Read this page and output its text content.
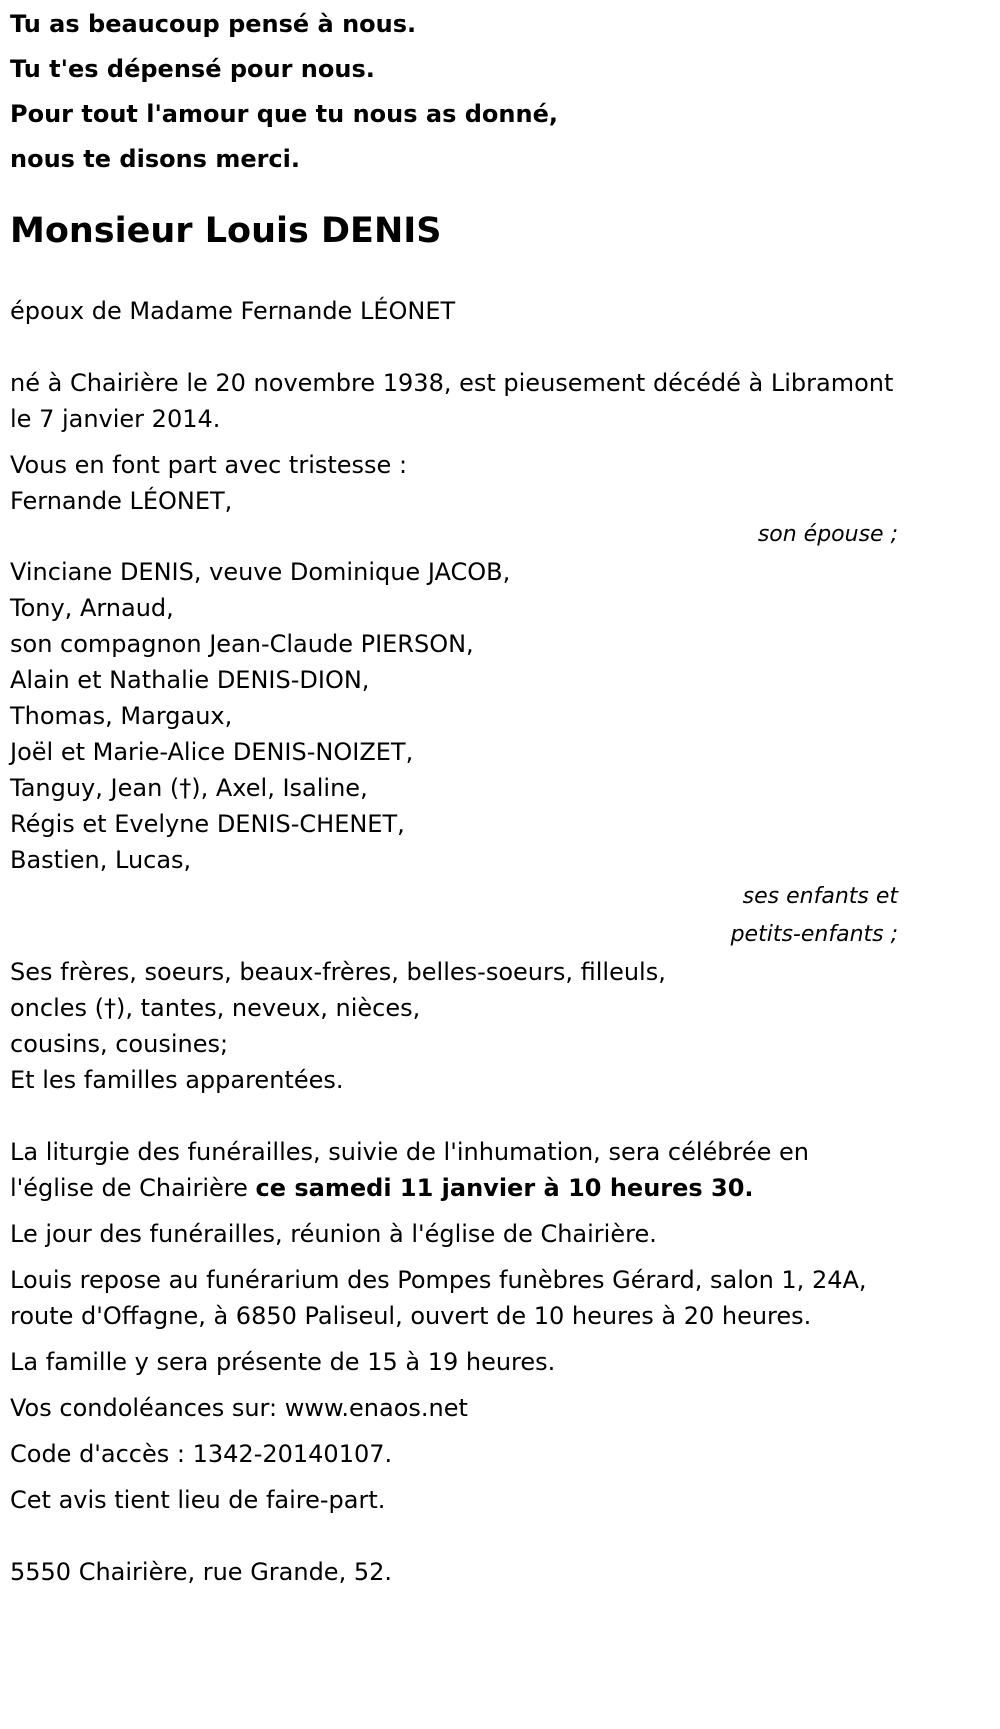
Tu as beaucoup pensé à nous.
Tu t'es dépensé pour nous.
Pour tout l'amour que tu nous as donné,
nous te disons merci.
Monsieur Louis DENIS
époux de Madame Fernande LÉONET
né à Chairière le 20 novembre 1938, est pieusement décédé à Libramont le 7 janvier 2014.
Vous en font part avec tristesse :
Fernande LÉONET,
son épouse ;
Vinciane DENIS, veuve Dominique JACOB,
Tony, Arnaud,
son compagnon Jean-Claude PIERSON,
Alain et Nathalie DENIS-DION,
Thomas, Margaux,
Joël et Marie-Alice DENIS-NOIZET,
Tanguy, Jean (†), Axel, Isaline,
Régis et Evelyne DENIS-CHENET,
Bastien, Lucas,
ses enfants et
petits-enfants ;
Ses frères, soeurs, beaux-frères, belles-soeurs, filleuls,
oncles (†), tantes, neveux, nièces,
cousins, cousines;
Et les familles apparentées.
La liturgie des funérailles, suivie de l'inhumation, sera célébrée en l'église de Chairière ce samedi 11 janvier à 10 heures 30.
Le jour des funérailles, réunion à l'église de Chairière.
Louis repose au funérarium des Pompes funèbres Gérard, salon 1, 24A, route d'Offagne, à 6850 Paliseul, ouvert de 10 heures à 20 heures.
La famille y sera présente de 15 à 19 heures.
Vos condoléances sur: www.enaos.net
Code d'accès : 1342-20140107.
Cet avis tient lieu de faire-part.
5550 Chairière, rue Grande, 52.
